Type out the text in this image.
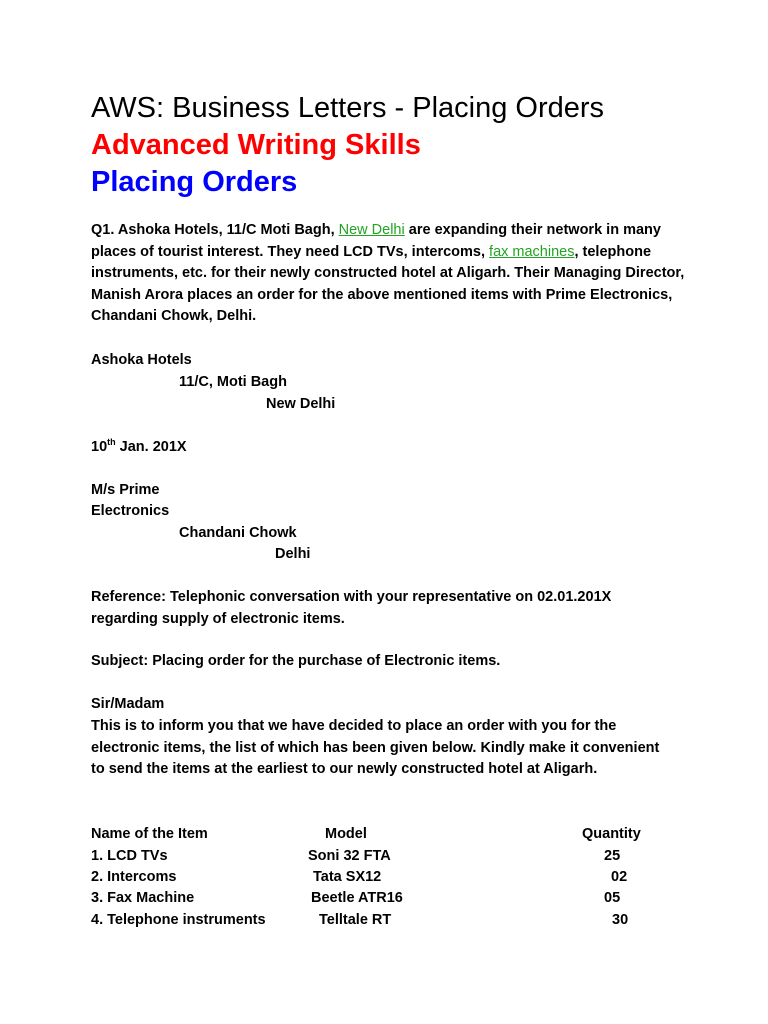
AWS: Business Letters - Placing Orders
Advanced Writing Skills
Placing Orders
Q1. Ashoka Hotels, 11/C Moti Bagh, New Delhi are expanding their network in many places of tourist interest. They need LCD TVs, intercoms, fax machines, telephone instruments, etc. for their newly constructed hotel at Aligarh. Their Managing Director, Manish Arora places an order for the above mentioned items with Prime Electronics, Chandani Chowk, Delhi.
Ashoka Hotels
11/C, Moti Bagh
New Delhi
10th Jan. 201X
M/s Prime
Electronics
Chandani Chowk
Delhi
Reference: Telephonic conversation with your representative on 02.01.201X regarding supply of electronic items.
Subject: Placing order for the purchase of Electronic items.
Sir/Madam
This is to inform you that we have decided to place an order with you for the electronic items, the list of which has been given below. Kindly make it convenient to send the items at the earliest to our newly constructed hotel at Aligarh.
Name of the Item	Model	Quantity
1. LCD TVs	Soni 32 FTA	25
2. Intercoms	Tata SX12	02
3. Fax Machine	Beetle ATR16	05
4. Telephone instruments	Telltale RT	30
